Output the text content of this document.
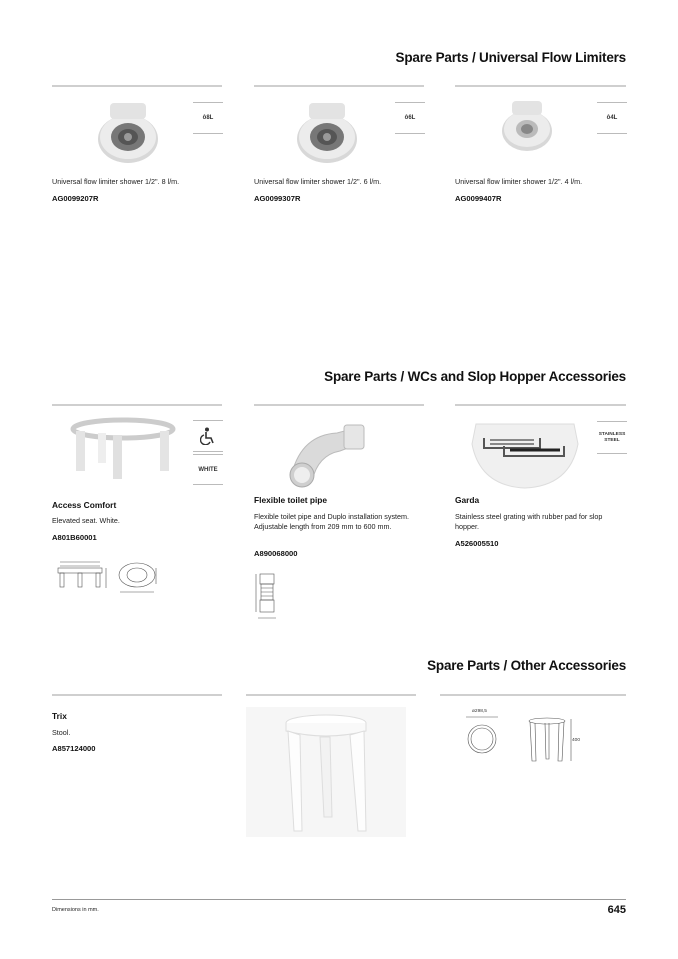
Spare Parts / Universal Flow Limiters
ô8L	ô6L	ô4L
Universal flow limiter shower 1/2". 8 l/m.	Universal flow limiter shower 1/2". 6 l/m.	Universal flow limiter shower 1/2". 4 l/m.
AG0099207R	AG0099307R	AG0099407R
Spare Parts / WCs and Slop Hopper Accessories
WHITE
STAINLESS STEEL
Access Comfort
Elevated seat. White.
A801B60001
Flexible toilet pipe
Flexible toilet pipe and Duplo installation system. Adjustable length from 209 mm to 600 mm.
A890068000
Garda
Stainless steel grating with rubber pad for slop hopper.
A526005510
Spare Parts / Other Accessories
Trix
Stool.
A857124000
ø298,5
400
Dimensions in mm.	645
